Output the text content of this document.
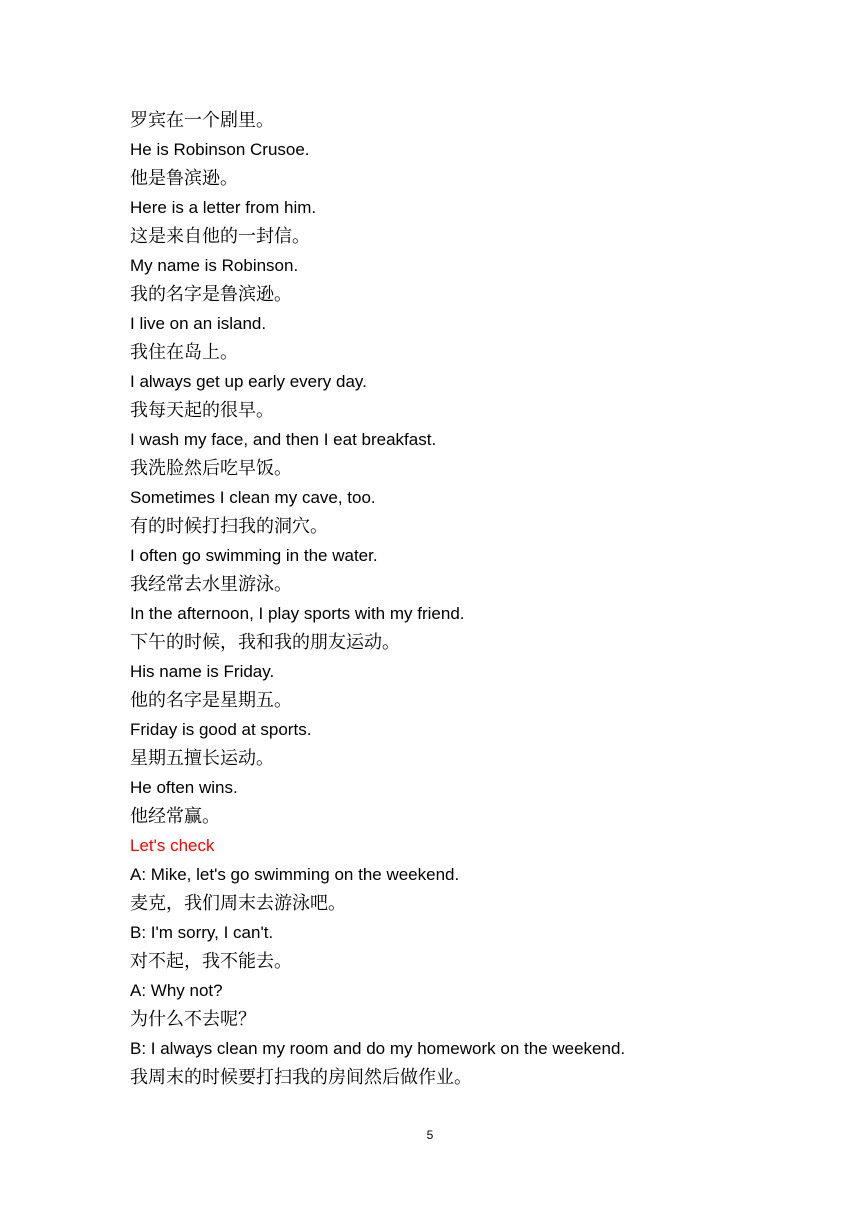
罗宾在一个剧里。
He is Robinson Crusoe.
他是鲁滨逊。
Here is a letter from him.
这是来自他的一封信。
My name is Robinson.
我的名字是鲁滨逊。
I live on an island.
我住在岛上。
I always get up early every day.
我每天起的很早。
I wash my face, and then I eat breakfast.
我洗脸然后吃早饭。
Sometimes I clean my cave, too.
有的时候打扫我的洞穴。
I often go swimming in the water.
我经常去水里游泳。
In the afternoon, I play sports with my friend.
下午的时候，我和我的朋友运动。
His name is Friday.
他的名字是星期五。
Friday is good at sports.
星期五擅长运动。
He often wins.
他经常赢。
Let's check
A: Mike, let's go swimming on the weekend.
麦克，我们周末去游泳吧。
B: I'm sorry, I can't.
对不起，我不能去。
A: Why not?
为什么不去呢？
B: I always clean my room and do my homework on the weekend.
我周末的时候要打扫我的房间然后做作业。
5
